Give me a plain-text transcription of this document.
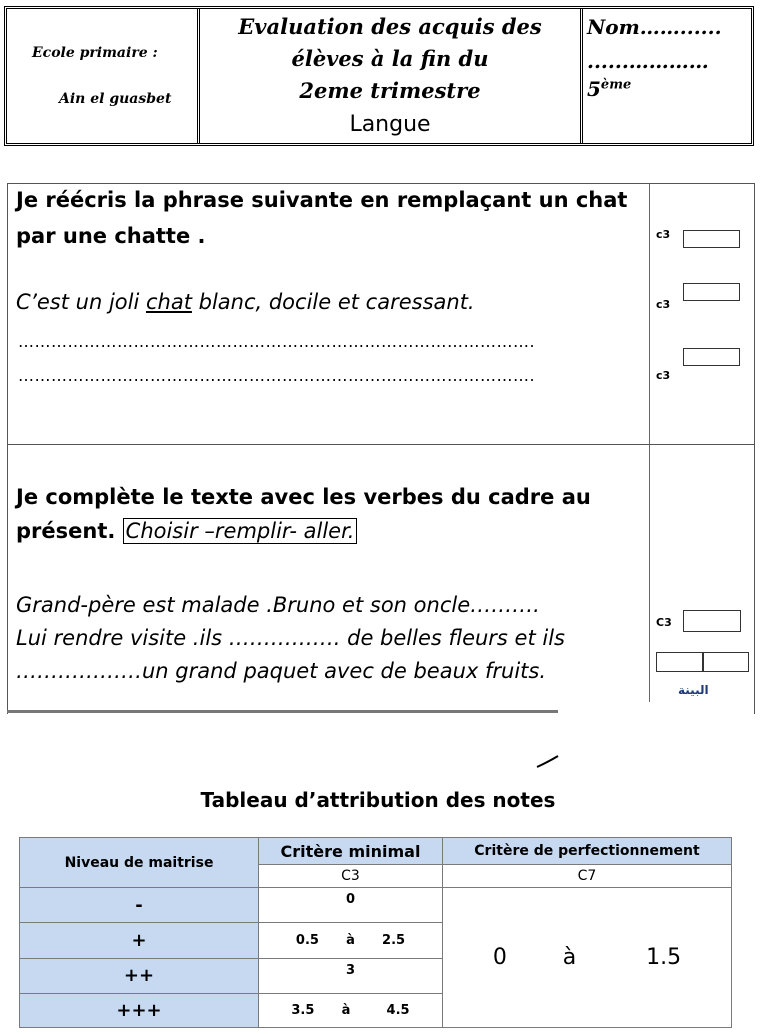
Ecole primaire :
Ain el guasbet
Evaluation des acquis des
élèves à la fin du
2eme trimestre
Langue
Nom……......
......…………
5ème
Je réécris la phrase suivante en remplaçant un chat
par une chatte .
C’est un joli chat blanc, docile et caressant.
………………………………………………………………………………….
………………………………………………………………………………….
c3
c3
c3
Je complète le texte avec les verbes du cadre au
présent. Choisir –remplir- aller.
Grand-père est malade .Bruno et son oncle……….
Lui rendre visite .ils ……………. de belles fleurs et ils
………………un grand paquet avec de beaux fruits.
C3
البينة
Tableau d’attribution des notes
Niveau de maitrise	Critère minimal	Critère de perfectionnement
	C3	C7
-	0	0        à          1.5
+	0.5      à      2.5	
++	3	
+++	3.5      à        4.5	
